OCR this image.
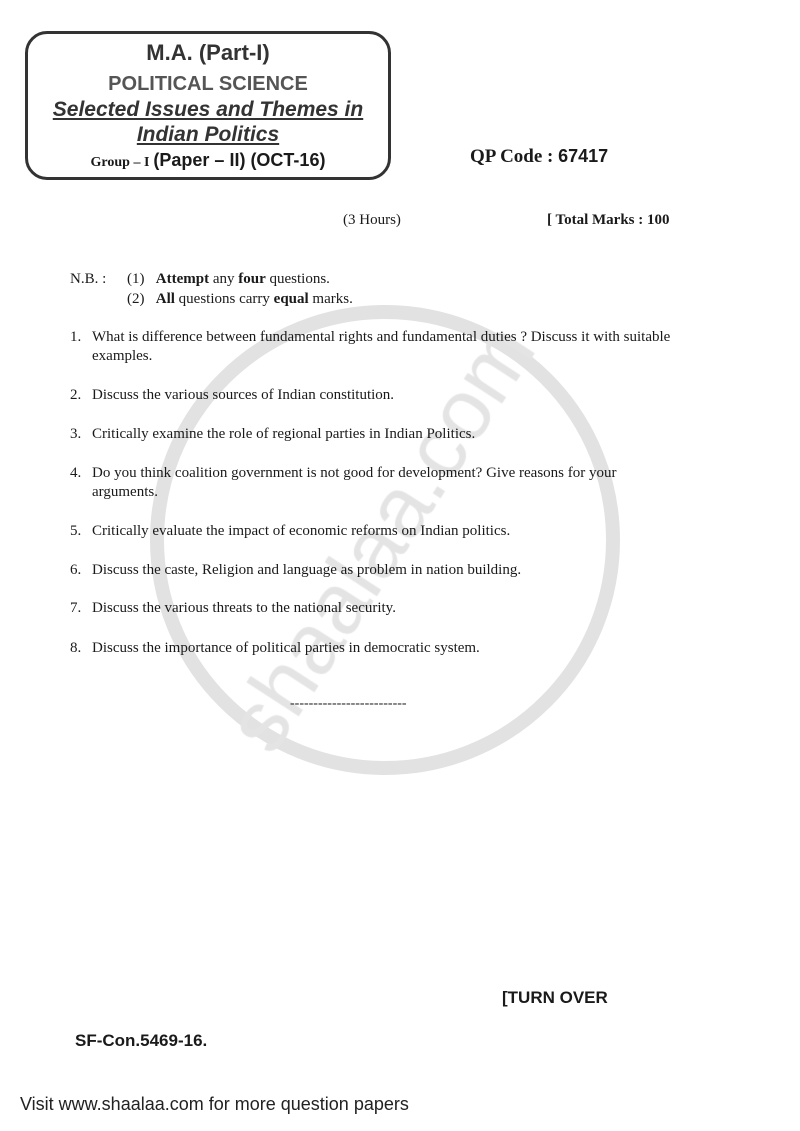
M.A. (Part-I)
POLITICAL SCIENCE
Selected Issues and Themes in
Indian Politics
Group – I (Paper – II) (OCT-16)	QP Code : 67417
(3 Hours)	[ Total Marks : 100
N.B. : (1) Attempt any four questions.
(2) All questions carry equal marks.
1. What is difference between fundamental rights and fundamental duties ? Discuss it with suitable examples.
2. Discuss the various sources of Indian constitution.
3. Critically examine the role of regional parties in Indian Politics.
4. Do you think coalition government is not good for development? Give reasons for your arguments.
5. Critically evaluate the impact of economic reforms on Indian politics.
6. Discuss the caste, Religion and language as problem in nation building.
7. Discuss the various threats to the national security.
8. Discuss the importance of political parties in democratic system.
-------------------------
[TURN OVER
SF-Con.5469-16.
Visit www.shaalaa.com for more question papers
